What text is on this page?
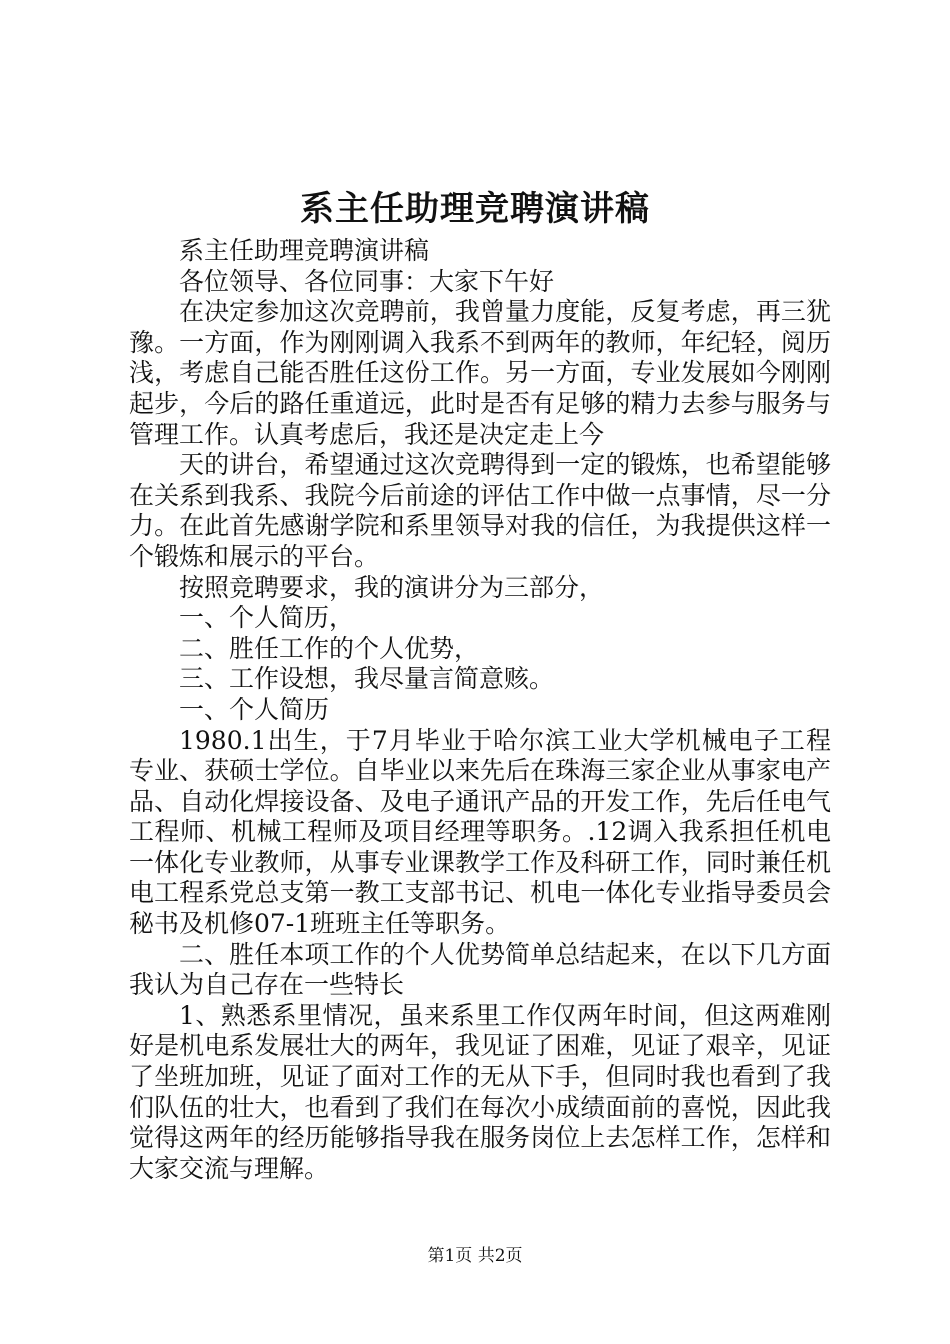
系主任助理竞聘演讲稿

系主任助理竞聘演讲稿

各位领导、各位同事：大家下午好

在决定参加这次竞聘前，我曾量力度能，反复考虑，再三犹豫。一方面，作为刚刚调入我系不到两年的教师，年纪轻，阅历浅，考虑自己能否胜任这份工作。另一方面，专业发展如今刚刚起步，今后的路任重道远，此时是否有足够的精力去参与服务与管理工作。认真考虑后，我还是决定走上今

天的讲台，希望通过这次竞聘得到一定的锻炼，也希望能够在关系到我系、我院今后前途的评估工作中做一点事情，尽一分力。在此首先感谢学院和系里领导对我的信任，为我提供这样一个锻炼和展示的平台。

按照竞聘要求，我的演讲分为三部分，

一、个人简历，

二、胜任工作的个人优势，

三、工作设想，我尽量言简意赅。

一、个人简历

1980.1出生，于7月毕业于哈尔滨工业大学机械电子工程专业、获硕士学位。自毕业以来先后在珠海三家企业从事家电产品、自动化焊接设备、及电子通讯产品的开发工作，先后任电气工程师、机械工程师及项目经理等职务。.12调入我系担任机电一体化专业教师，从事专业课教学工作及科研工作，同时兼任机电工程系党总支第一教工支部书记、机电一体化专业指导委员会秘书及机修07-1班班主任等职务。

二、胜任本项工作的个人优势简单总结起来，在以下几方面我认为自己存在一些特长

1、熟悉系里情况，虽来系里工作仅两年时间，但这两难刚好是机电系发展壮大的两年，我见证了困难，见证了艰辛，见证了坐班加班，见证了面对工作的无从下手，但同时我也看到了我们队伍的壮大，也看到了我们在每次小成绩面前的喜悦，因此我觉得这两年的经历能够指导我在服务岗位上去怎样工作，怎样和大家交流与理解。

第1页 共2页
